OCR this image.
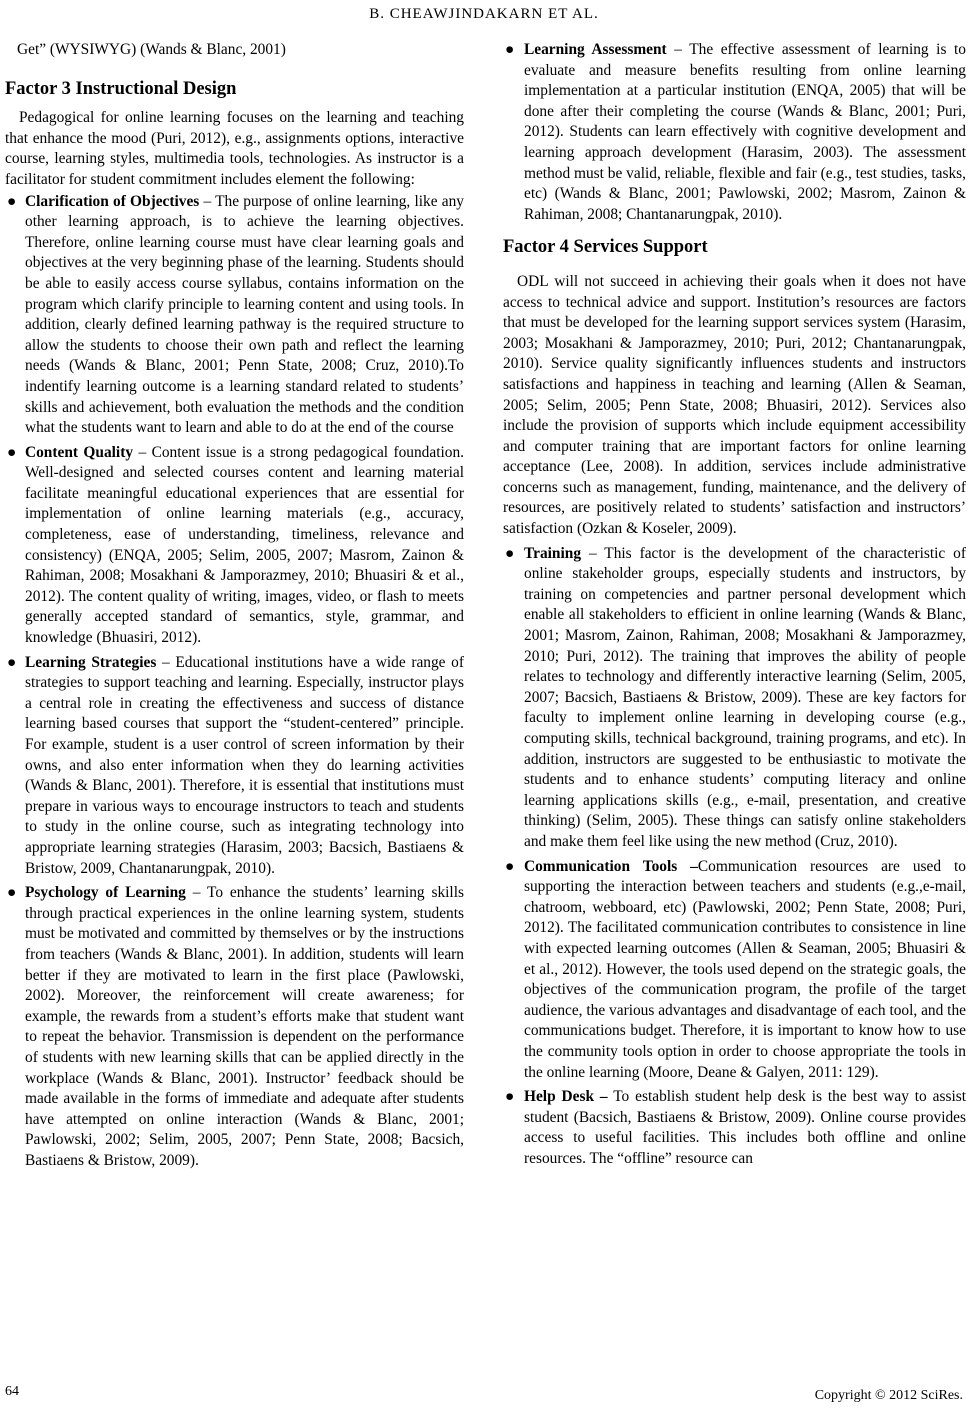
B. CHEAWJINDAKARN ET AL.

Get” (WYSIWYG) (Wands & Blanc, 2001)

Factor 3 Instructional Design

Pedagogical for online learning focuses on the learning and teaching that enhance the mood (Puri, 2012), e.g., assignments options, interactive course, learning styles, multimedia tools, technologies. As instructor is a facilitator for student commitment includes element the following:

● Clarification of Objectives – The purpose of online learning, like any other learning approach, is to achieve the learning objectives. Therefore, online learning course must have clear learning goals and objectives at the very beginning phase of the learning. Students should be able to easily access course syllabus, contains information on the program which clarify principle to learning content and using tools. In addition, clearly defined learning pathway is the required structure to allow the students to choose their own path and reflect the learning needs (Wands & Blanc, 2001; Penn State, 2008; Cruz, 2010).To indentify learning outcome is a learning standard related to students’ skills and achievement, both evaluation the methods and the condition what the students want to learn and able to do at the end of the course

● Content Quality – Content issue is a strong pedagogical foundation. Well-designed and selected courses content and learning material facilitate meaningful educational experiences that are essential for implementation of online learning materials (e.g., accuracy, completeness, ease of understanding, timeliness, relevance and consistency) (ENQA, 2005; Selim, 2005, 2007; Masrom, Zainon & Rahiman, 2008; Mosakhani & Jamporazmey, 2010; Bhuasiri & et al., 2012). The content quality of writing, images, video, or flash to meets generally accepted standard of semantics, style, grammar, and knowledge (Bhuasiri, 2012).

● Learning Strategies – Educational institutions have a wide range of strategies to support teaching and learning. Especially, instructor plays a central role in creating the effectiveness and success of distance learning based courses that support the “student-centered” principle. For example, student is a user control of screen information by their owns, and also enter information when they do learning activities (Wands & Blanc, 2001). Therefore, it is essential that institutions must prepare in various ways to encourage instructors to teach and students to study in the online course, such as integrating technology into appropriate learning strategies (Harasim, 2003; Bacsich, Bastiaens & Bristow, 2009, Chantanarungpak, 2010).

● Psychology of Learning – To enhance the students’ learning skills through practical experiences in the online learning system, students must be motivated and committed by themselves or by the instructions from teachers (Wands & Blanc, 2001). In addition, students will learn better if they are motivated to learn in the first place (Pawlowski, 2002). Moreover, the reinforcement will create awareness; for example, the rewards from a student’s efforts make that student want to repeat the behavior. Transmission is dependent on the performance of students with new learning skills that can be applied directly in the workplace (Wands & Blanc, 2001). Instructor’ feedback should be made available in the forms of immediate and adequate after students have attempted on online interaction (Wands & Blanc, 2001; Pawlowski, 2002; Selim, 2005, 2007; Penn State, 2008; Bacsich, Bastiaens & Bristow, 2009).

● Learning Assessment – The effective assessment of learning is to evaluate and measure benefits resulting from online learning implementation at a particular institution (ENQA, 2005) that will be done after their completing the course (Wands & Blanc, 2001; Puri, 2012). Students can learn effectively with cognitive development and learning approach development (Harasim, 2003). The assessment method must be valid, reliable, flexible and fair (e.g., test studies, tasks, etc) (Wands & Blanc, 2001; Pawlowski, 2002; Masrom, Zainon & Rahiman, 2008; Chantanarungpak, 2010).

Factor 4 Services Support

ODL will not succeed in achieving their goals when it does not have access to technical advice and support. Institution’s resources are factors that must be developed for the learning support services system (Harasim, 2003; Mosakhani & Jamporazmey, 2010; Puri, 2012; Chantanarungpak, 2010). Service quality significantly influences students and instructors satisfactions and happiness in teaching and learning (Allen & Seaman, 2005; Selim, 2005; Penn State, 2008; Bhuasiri, 2012). Services also include the provision of supports which include equipment accessibility and computer training that are important factors for online learning acceptance (Lee, 2008). In addition, services include administrative concerns such as management, funding, maintenance, and the delivery of resources, are positively related to students’ satisfaction and instructors’ satisfaction (Ozkan & Koseler, 2009).

● Training – This factor is the development of the characteristic of online stakeholder groups, especially students and instructors, by training on competencies and partner personal development which enable all stakeholders to efficient in online learning (Wands & Blanc, 2001; Masrom, Zainon, Rahiman, 2008; Mosakhani & Jamporazmey, 2010; Puri, 2012). The training that improves the ability of people relates to technology and differently interactive learning (Selim, 2005, 2007; Bacsich, Bastiaens & Bristow, 2009). These are key factors for faculty to implement online learning in developing course (e.g., computing skills, technical background, training programs, and etc). In addition, instructors are suggested to be enthusiastic to motivate the students and to enhance students’ computing literacy and online learning applications skills (e.g., e-mail, presentation, and creative thinking) (Selim, 2005). These things can satisfy online stakeholders and make them feel like using the new method (Cruz, 2010).

● Communication Tools –Communication resources are used to supporting the interaction between teachers and students (e.g.,e-mail, chatroom, webboard, etc) (Pawlowski, 2002; Penn State, 2008; Puri, 2012). The facilitated communication contributes to consistence in line with expected learning outcomes (Allen & Seaman, 2005; Bhuasiri & et al., 2012). However, the tools used depend on the strategic goals, the objectives of the communication program, the profile of the target audience, the various advantages and disadvantage of each tool, and the communications budget. Therefore, it is important to know how to use the community tools option in order to choose appropriate the tools in the online learning (Moore, Deane & Galyen, 2011: 129).

● Help Desk – To establish student help desk is the best way to assist student (Bacsich, Bastiaens & Bristow, 2009). Online course provides access to useful facilities. This includes both offline and online resources. The “offline” resource can

64	Copyright © 2012 SciRes.
